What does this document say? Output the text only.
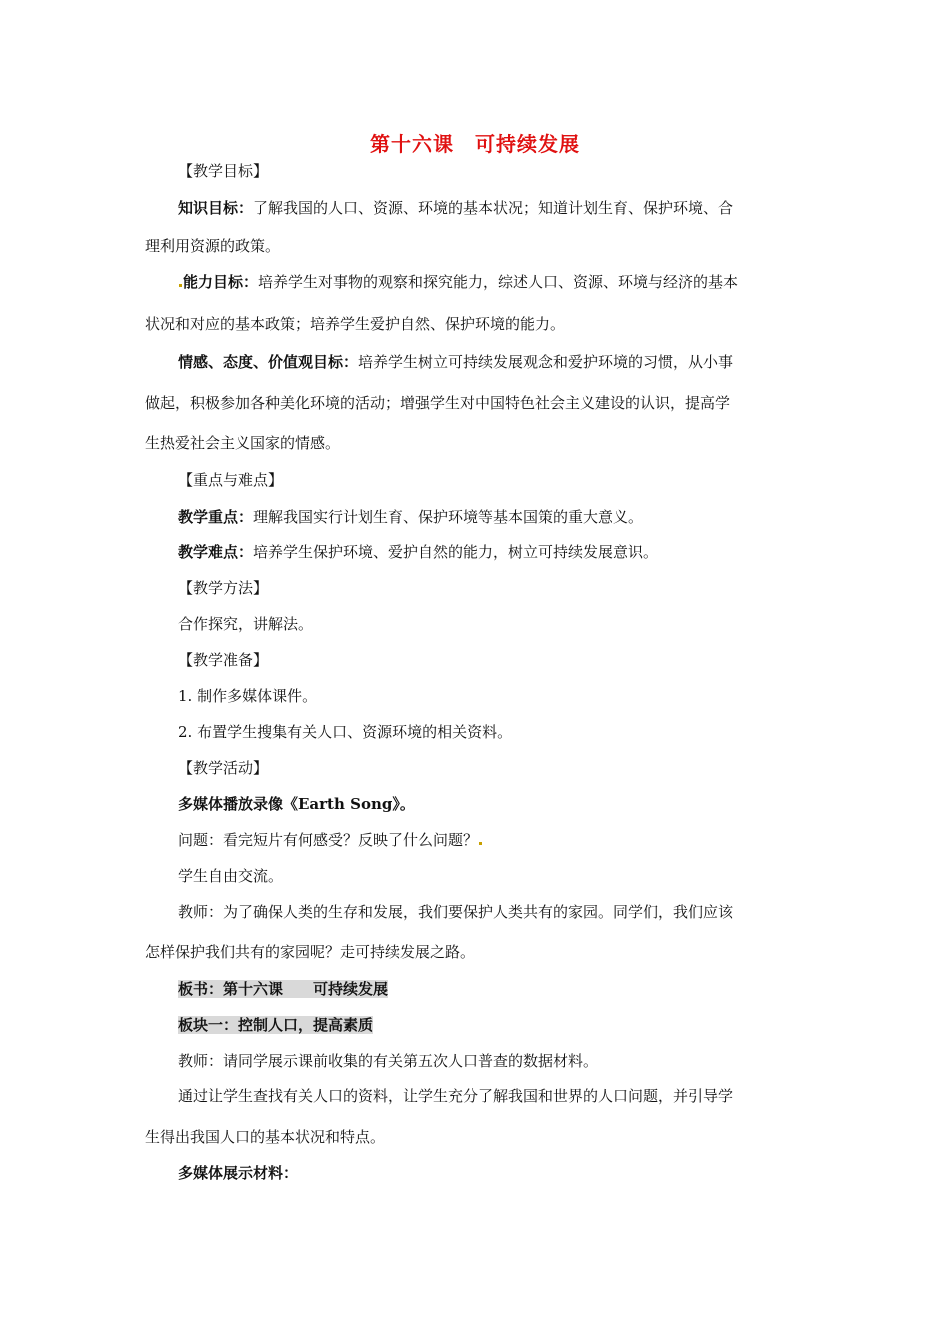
第十六课　可持续发展
【教学目标】
知识目标：了解我国的人口、资源、环境的基本状况；知道计划生育、保护环境、合
理利用资源的政策。
能力目标：培养学生对事物的观察和探究能力，综述人口、资源、环境与经济的基本
状况和对应的基本政策；培养学生爱护自然、保护环境的能力。
情感、态度、价值观目标：培养学生树立可持续发展观念和爱护环境的习惯，从小事
做起，积极参加各种美化环境的活动；增强学生对中国特色社会主义建设的认识，提高学
生热爱社会主义国家的情感。
【重点与难点】
教学重点：理解我国实行计划生育、保护环境等基本国策的重大意义。
教学难点：培养学生保护环境、爱护自然的能力，树立可持续发展意识。
【教学方法】
合作探究，讲解法。
【教学准备】
1. 制作多媒体课件。
2. 布置学生搜集有关人口、资源环境的相关资料。
【教学活动】
多媒体播放录像《Earth Song》。
问题：看完短片有何感受？反映了什么问题？
学生自由交流。
教师：为了确保人类的生存和发展，我们要保护人类共有的家园。同学们，我们应该
怎样保护我们共有的家园呢？走可持续发展之路。
板书：第十六课　　可持续发展
板块一：控制人口，提高素质
教师：请同学展示课前收集的有关第五次人口普查的数据材料。
通过让学生查找有关人口的资料，让学生充分了解我国和世界的人口问题，并引导学
生得出我国人口的基本状况和特点。
多媒体展示材料：
